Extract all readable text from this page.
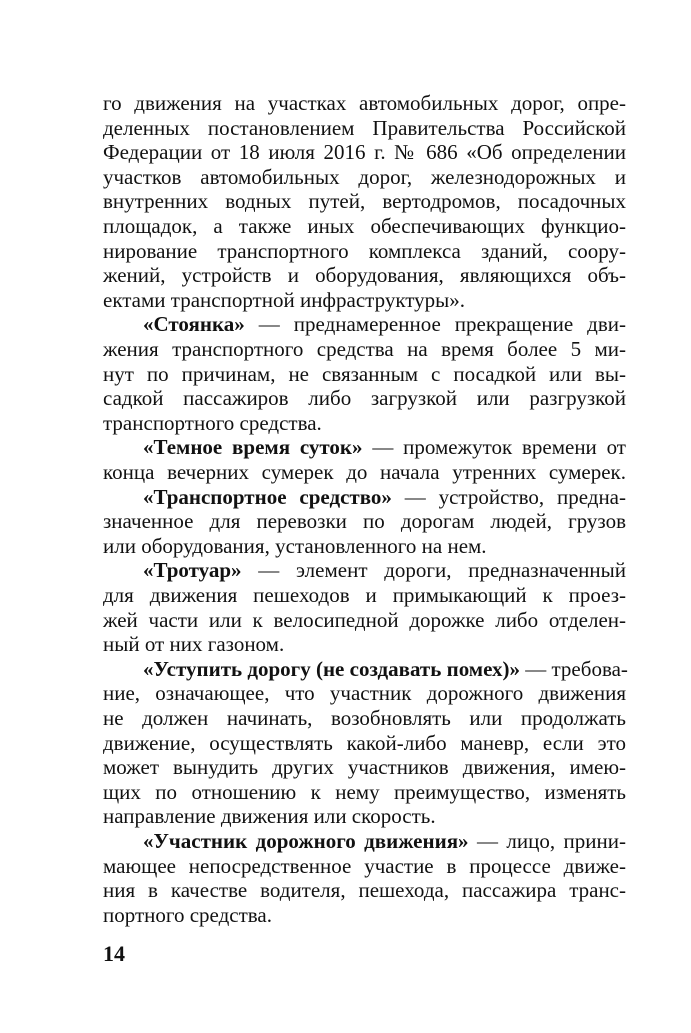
го движения на участках автомобильных дорог, опре-
деленных постановлением Правительства Российской
Федерации от 18 июля 2016 г. № 686 «Об определении
участков автомобильных дорог, железнодорожных и
внутренних водных путей, вертодромов, посадочных
площадок, а также иных обеспечивающих функцио-
нирование транспортного комплекса зданий, соору-
жений, устройств и оборудования, являющихся объ-
ектами транспортной инфраструктуры».
«Стоянка» — преднамеренное прекращение дви-
жения транспортного средства на время более 5 ми-
нут по причинам, не связанным с посадкой или вы-
садкой пассажиров либо загрузкой или разгрузкой
транспортного средства.
«Темное время суток» — промежуток времени от
конца вечерних сумерек до начала утренних сумерек.
«Транспортное средство» — устройство, предна-
значенное для перевозки по дорогам людей, грузов
или оборудования, установленного на нем.
«Тротуар» — элемент дороги, предназначенный
для движения пешеходов и примыкающий к проез-
жей части или к велосипедной дорожке либо отделен-
ный от них газоном.
«Уступить дорогу (не создавать помех)» — требова-
ние, означающее, что участник дорожного движения
не должен начинать, возобновлять или продолжать
движение, осуществлять какой-либо маневр, если это
может вынудить других участников движения, имею-
щих по отношению к нему преимущество, изменять
направление движения или скорость.
«Участник дорожного движения» — лицо, прини-
мающее непосредственное участие в процессе движе-
ния в качестве водителя, пешехода, пассажира транс-
портного средства.
14
